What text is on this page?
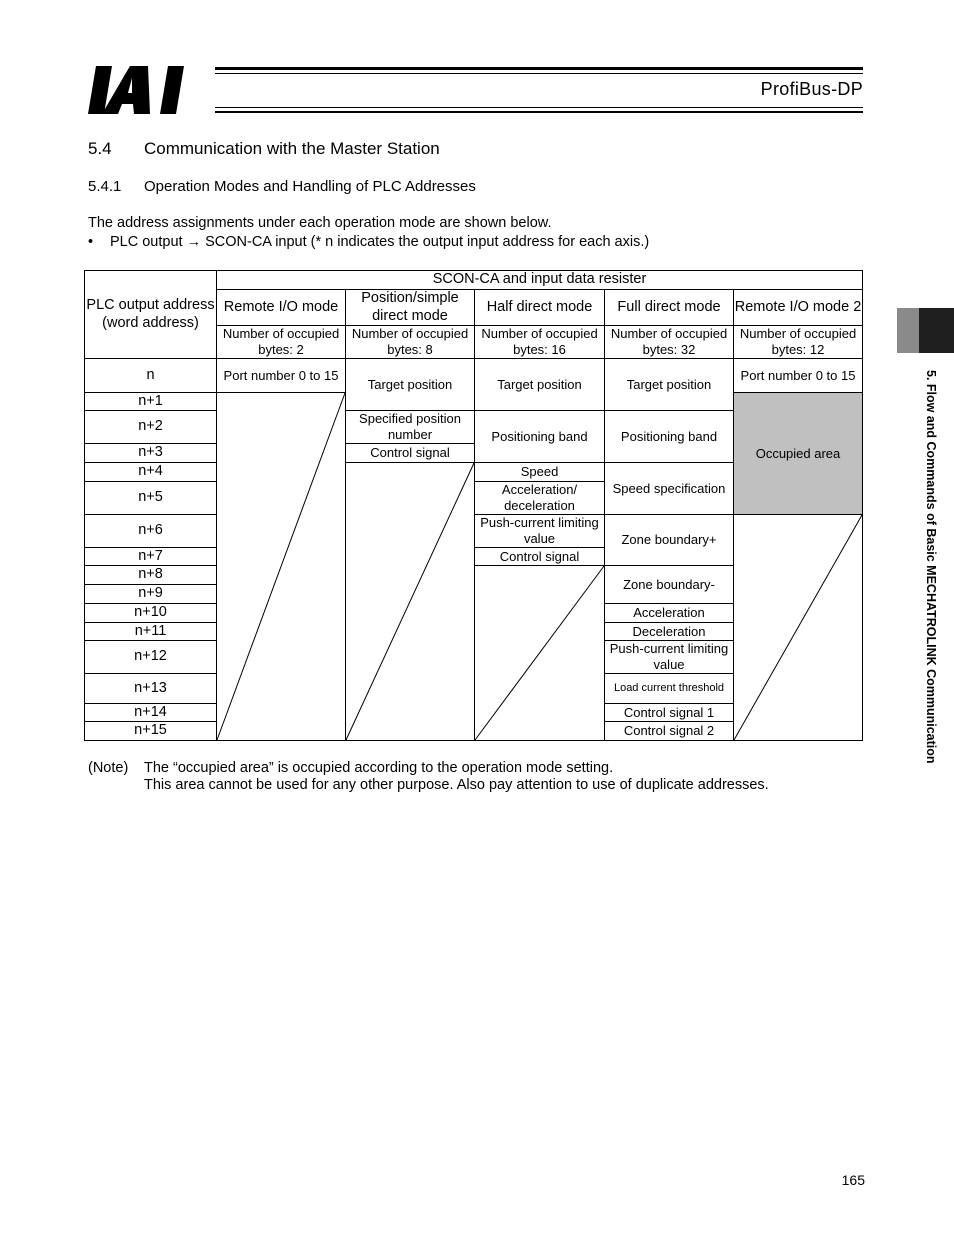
ProfiBus-DP
5.4 Communication with the Master Station
5.4.1 Operation Modes and Handling of PLC Addresses
The address assignments under each operation mode are shown below.
• PLC output → SCON-CA input (* n indicates the output input address for each axis.)
5. Flow and Commands of Basic MECHATROLINK Communication
PLC output address (word address)
SCON-CA and input data resister
Remote I/O mode
Position/simple direct mode
Half direct mode	Full direct mode Remote I/O mode 2
Number of occupied bytes: 2
Number of occupied bytes: 8
Number of occupied bytes: 16
Number of occupied bytes: 32
Number of occupied bytes: 12
n
n+1
n+2
n+3
n+4
n+5
n+6
n+7
n+8
n+9
n+10
n+11
n+12
n+13
n+14
n+15
Port number 0 to 15
Target position
Specified position number
Control signal
Target position
Positioning band
Speed
Acceleration/ deceleration
Push-current limiting value
Control signal
Target position
Positioning band
Speed specification
Zone boundary+
Zone boundary-
Acceleration
Deceleration
Push-current limiting value
Load current threshold
Control signal 1
Control signal 2
Port number 0 to 15
Occupied area
(Note) The “occupied area” is occupied according to the operation mode setting.
This area cannot be used for any other purpose. Also pay attention to use of duplicate addresses.
165
